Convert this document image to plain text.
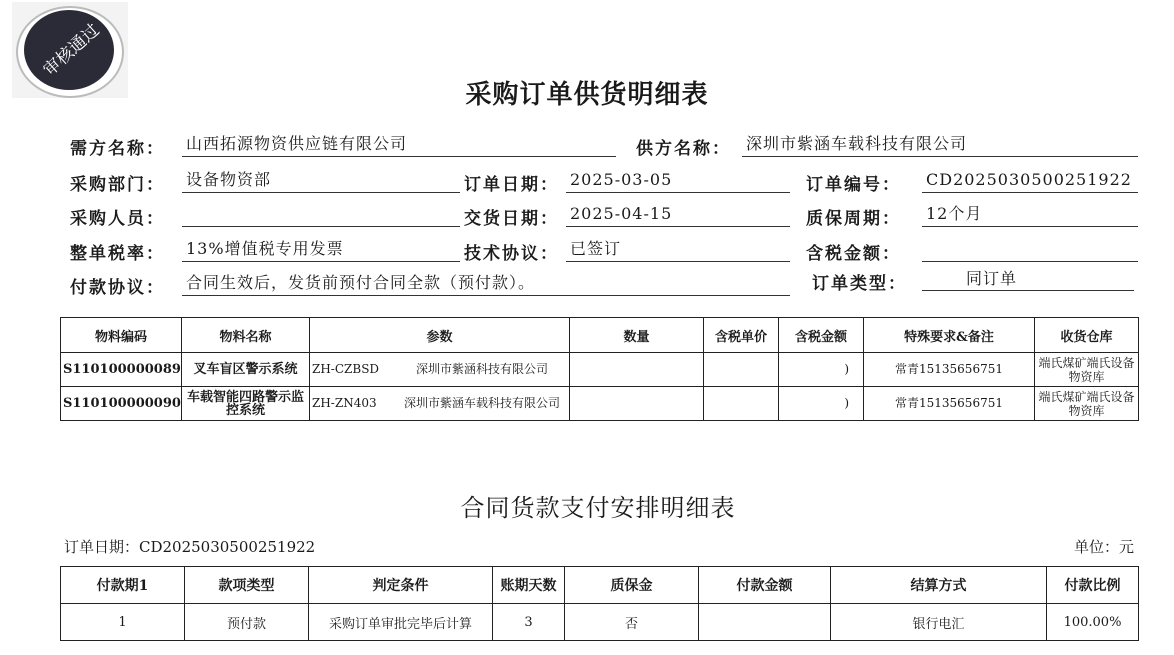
审核通过
采购订单供货明细表
需方名称： 山西拓源物资供应链有限公司	供方名称： 深圳市紫涵车载科技有限公司
采购部门： 设备物资部	订单日期： 2025-03-05	订单编号： CD2025030500251922
采购人员：	交货日期： 2025-04-15	质保周期： 12个月
整单税率： 13%增值税专用发票	技术协议： 已签订	含税金额：
付款协议： 合同生效后，发货前预付合同全款（预付款）。	订单类型：	同订单
物料编码	物料名称	参数	数量	含税单价	含税金额	特殊要求&备注	收货仓库
S110100000089	叉车盲区警示系统	ZH-CZBSD 深圳市紫涵科技有限公司			)	常青15135656751	端氏煤矿端氏设备物资库
S110100000090	车载智能四路警示监控系统	ZH-ZN403 深圳市紫涵车载科技有限公司			)	常青15135656751	端氏煤矿端氏设备物资库
合同货款支付安排明细表
订单日期：CD2025030500251922	单位：元
付款期1	款项类型	判定条件	账期天数	质保金	付款金额	结算方式	付款比例
1	预付款	采购订单审批完毕后计算	3	否		银行电汇	100.00%
